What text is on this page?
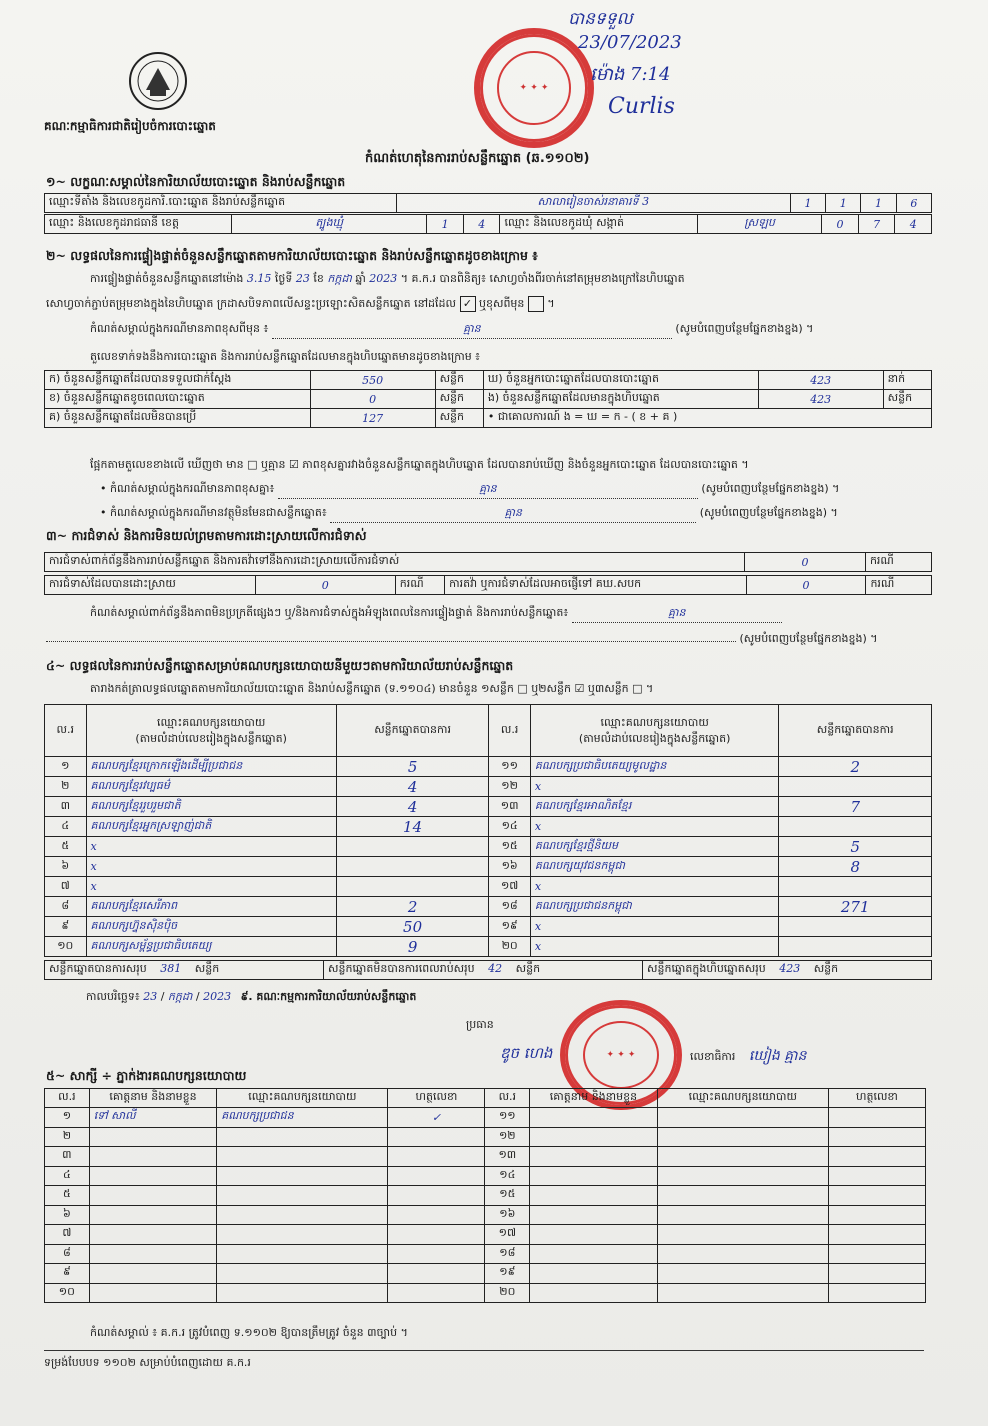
គណៈកម្មាធិការជាតិរៀបចំការបោះឆ្នោត
✦ ✦ ✦
បានទទួល
23/07/2023
ម៉ោង 7:14
Curlis
កំណត់ហេតុនៃការរាប់សន្លឹកឆ្នោត (ឆ.១១០២)
១~ លក្ខណៈសម្គាល់នៃការិយាល័យបោះឆ្នោត និងរាប់សន្លឹកឆ្នោត
ឈ្មោះទីតាំង និងលេខកូដការិ.បោះឆ្នោត និងរាប់សន្លឹកឆ្នោត	សាលារៀនចាស់រនាគារទី 3	1	1	1	6
ឈ្មោះ និងលេខកូដរាជធានី ខេត្ត	ត្បូងឃ្មុំ	1	4	ឈ្មោះ និងលេខកូដឃុំ សង្កាត់	ស្រឡប	0	7	4
២~ លទ្ធផលនៃការផ្ទៀងផ្ទាត់ចំនួនសន្លឹកឆ្នោតតាមការិយាល័យបោះឆ្នោត និងរាប់សន្លឹកឆ្នោតដូចខាងក្រោម ៖
ការផ្ទៀងផ្ទាត់ចំនួនសន្លឹកឆ្នោតនៅម៉ោង 3.15 ថ្ងៃទី 23 ខែ កក្កដា ឆ្នាំ 2023 ។ គ.ក.រ បានពិនិត្យ៖ សោហ្វចាំងពីរចាក់នៅតម្រុមខាងក្រៅនៃហិបឆ្នោត
សោហ្វចាក់ភ្ជាប់តម្រុមខាងក្នុងនៃហិបឆ្នោត ក្រដាសបិទភាពលើសន្ទះប្រឡោះសិតសន្លឹកឆ្នោត នៅដដែល ✓ ឬខុសពីមុន  ។
កំណត់សម្គាល់ក្នុងករណីមានភាពខុសពីមុន ៖	គ្មាន	(សូមបំពេញបន្ថែមផ្នែកខាងខ្នង) ។
តួលេខទាក់ទងនឹងការបោះឆ្នោត និងការរាប់សន្លឹកឆ្នោតដែលមានក្នុងហិបឆ្នោតមានដូចខាងក្រោម ៖
ក) ចំនួនសន្លឹកឆ្នោតដែលបានទទួលជាក់ស្តែង	550	សន្លឹក	ឃ) ចំនួនអ្នកបោះឆ្នោតដែលបានបោះឆ្នោត	423	នាក់
ខ) ចំនួនសន្លឹកឆ្នោតខូចពេលបោះឆ្នោត	0	សន្លឹក	ង) ចំនួនសន្លឹកឆ្នោតដែលមានក្នុងហិបឆ្នោត	423	សន្លឹក
គ) ចំនួនសន្លឹកឆ្នោតដែលមិនបានប្រើ	127	សន្លឹក	• ជាគោលការណ៍ ង = ឃ = ក - ( ខ + គ )		
ផ្អែកតាមតួលេខខាងលើ ឃើញថា មាន □ ឬគ្មាន ☑ ភាពខុសគ្នារវាងចំនួនសន្លឹកឆ្នោតក្នុងហិបឆ្នោត ដែលបានរាប់ឃើញ និងចំនួនអ្នកបោះឆ្នោត ដែលបានបោះឆ្នោត ។
• កំណត់សម្គាល់ក្នុងករណីមានភាពខុសគ្នា៖	គ្មាន	(សូមបំពេញបន្ថែមផ្នែកខាងខ្នង) ។
• កំណត់សម្គាល់ក្នុងករណីមានវត្ថុមិនមែនជាសន្លឹកឆ្នោត៖	គ្មាន	(សូមបំពេញបន្ថែមផ្នែកខាងខ្នង) ។
៣~ ការជំទាស់ និងការមិនយល់ព្រមតាមការដោះស្រាយលើការជំទាស់
ការជំទាស់ពាក់ព័ន្ធនឹងការរាប់សន្លឹកឆ្នោត និងការតវ៉ាទៅនឹងការដោះស្រាយលើការជំទាស់	0	ករណី
ការជំទាស់ដែលបានដោះស្រាយ	0	ករណី	ការតវ៉ា ឬការជំទាស់ដែលអាចផ្ញើទៅ គឃ.សបក	0	ករណី
កំណត់សម្គាល់ពាក់ព័ន្ធនឹងភាពមិនប្រក្រតីផ្សេងៗ ឬ/និងការជំទាស់ក្នុងអំឡុងពេលនៃការផ្ទៀងផ្ទាត់ និងការរាប់សន្លឹកឆ្នោត៖	គ្មាន
(សូមបំពេញបន្ថែមផ្នែកខាងខ្នង) ។
៤~ លទ្ធផលនៃការរាប់សន្លឹកឆ្នោតសម្រាប់គណបក្សនយោបាយនីមួយៗតាមការិយាល័យរាប់សន្លឹកឆ្នោត
តារាងកត់ត្រាលទ្ធផលឆ្នោតតាមការិយាល័យបោះឆ្នោត និងរាប់សន្លឹកឆ្នោត (ទ.១១០៤) មានចំនួន ១សន្លឹក □ ឬ២សន្លឹក ☑ ឬ៣សន្លឹក □ ។
ល.រ	ឈ្មោះគណបក្សនយោបាយ
(តាមលំដាប់លេខរៀងក្នុងសន្លឹកឆ្នោត)	សន្លឹកឆ្នោតបានការ	ល.រ	ឈ្មោះគណបក្សនយោបាយ
(តាមលំដាប់លេខរៀងក្នុងសន្លឹកឆ្នោត)	សន្លឹកឆ្នោតបានការ
១	គណបក្សខ្មែរក្រោកឡើងដើម្បីប្រជាជន	5	១១	គណបក្សប្រជាធិបតេយ្យមូលដ្ឋាន	2
២	គណបក្សខ្មែរវប្បធម៌	4	១២	x	
៣	គណបក្សខ្មែររួបរួមជាតិ	4	១៣	គណបក្សខ្មែរអាណិតខ្មែរ	7
៤	គណបក្សខ្មែរអ្នកស្រឡាញ់ជាតិ	14	១៤	x	
៥	x		១៥	គណបក្សខ្មែរថ្មីនិយម	5
៦	x		១៦	គណបក្សយុវជនកម្ពុជា	8
៧	x		១៧	x	
៨	គណបក្សខ្មែរសេរីភាព	2	១៨	គណបក្សប្រជាជនកម្ពុជា	271
៩	គណបក្សហ្វ៊ុនស៊ិនប៉ិច	50	១៩	x	
១០	គណបក្សសម្ព័ន្ធប្រជាធិបតេយ្យ	9	២០	x	
សន្លឹកឆ្នោតបានការសរុប 381 សន្លឹក	សន្លឹកឆ្នោតមិនបានការពេលរាប់សរុប 42 សន្លឹក	សន្លឹកឆ្នោតក្នុងហិបឆ្នោតសរុប 423 សន្លឹក
កាលបរិច្ឆេទ៖ 23 / កក្កដា / 2023 ៩. គណៈកម្មការការិយាល័យរាប់សន្លឹកឆ្នោត
✦ ✦ ✦
ប្រធាន
ឌូច ហេង	លេខាធិការ ឃៀង គ្មាន
៥~ សាក្សី ÷ ភ្នាក់ងារគណបក្សនយោបាយ
ល.រ	គោត្តនាម និងនាមខ្លួន	ឈ្មោះគណបក្សនយោបាយ	ហត្ថលេខា	ល.រ	គោត្តនាម និងនាមខ្លួន	ឈ្មោះគណបក្សនយោបាយ	ហត្ថលេខា
១	ទៅ សាលី	គណបក្សប្រជាជន	✓	១១			
២				១២			
៣				១៣			
៤				១៤			
៥				១៥			
៦				១៦			
៧				១៧			
៨				១៨			
៩				១៩			
១០				២០			
កំណត់សម្គាល់ ៖ គ.ក.រ ត្រូវបំពេញ ទ.១១០២ ឱ្យបានត្រឹមត្រូវ ចំនួន ៣ច្បាប់ ។
ទម្រង់បែបបទ ១១០២ សម្រាប់បំពេញដោយ គ.ក.រ
